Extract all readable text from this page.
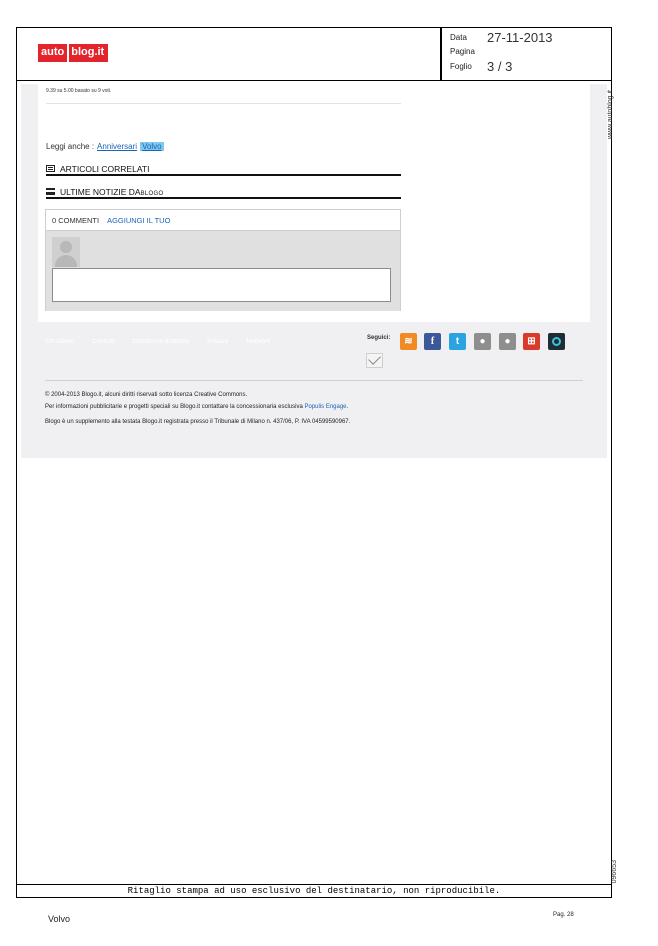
auto blog.it
Data 27-11-2013
Pagina
Foglio 3 / 3
www.autoblog.it
096653
9.39 su 5.00 basato su 9 voti.
Leggi anche : Anniversari Volvo
ARTICOLI CORRELATI
ULTIME NOTIZIE DABLOGO
0 COMMENTI AGGIUNGI IL TUO
Chi siamo	Contatti	Condizioni d'utilizzo	Privacy	Network	Seguici:	≋	f	t	●	●	⊞
© 2004-2013 Blogo.it, alcuni diritti riservati sotto licenza Creative Commons.
Per informazioni pubblicitarie e progetti speciali su Blogo.it contattare la concessionaria esclusiva Populis Engage.
Blogo è un supplemento alla testata Blogo.it registrata presso il Tribunale di Milano n. 437/06, P. IVA 04599590967.
Ritaglio stampa ad uso esclusivo del destinatario, non riproducibile.
Volvo	Pag. 28
